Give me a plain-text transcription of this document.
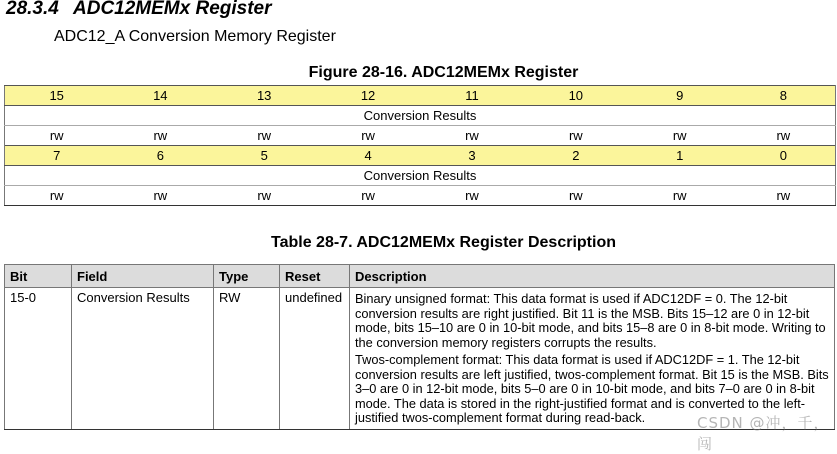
28.3.4 ADC12MEMx Register
ADC12_A Conversion Memory Register
Figure 28-16. ADC12MEMx Register
15	14	13	12	11	10	9	8
Conversion Results							
rw	rw	rw	rw	rw	rw	rw	rw
7	6	5	4	3	2	1	0
Conversion Results							
rw	rw	rw	rw	rw	rw	rw	rw
Table 28-7. ADC12MEMx Register Description
Bit	Field	Type	Reset	Description
15-0	Conversion Results	RW	undefined	Binary unsigned format: This data format is used if ADC12DF = 0. The 12-bit conversion results are right justified. Bit 11 is the MSB. Bits 15–12 are 0 in 12-bit mode, bits 15–10 are 0 in 10-bit mode, and bits 15–8 are 0 in 8-bit mode. Writing to the conversion memory registers corrupts the results.

Twos-complement format: This data format is used if ADC12DF = 1. The 12-bit conversion results are left justified, twos-complement format. Bit 15 is the MSB. Bits 3–0 are 0 in 12-bit mode, bits 5–0 are 0 in 10-bit mode, and bits 7–0 are 0 in 8-bit mode. The data is stored in the right-justified format and is converted to the left-justified twos-complement format during read-back.	CSDN @冲，千，闯
